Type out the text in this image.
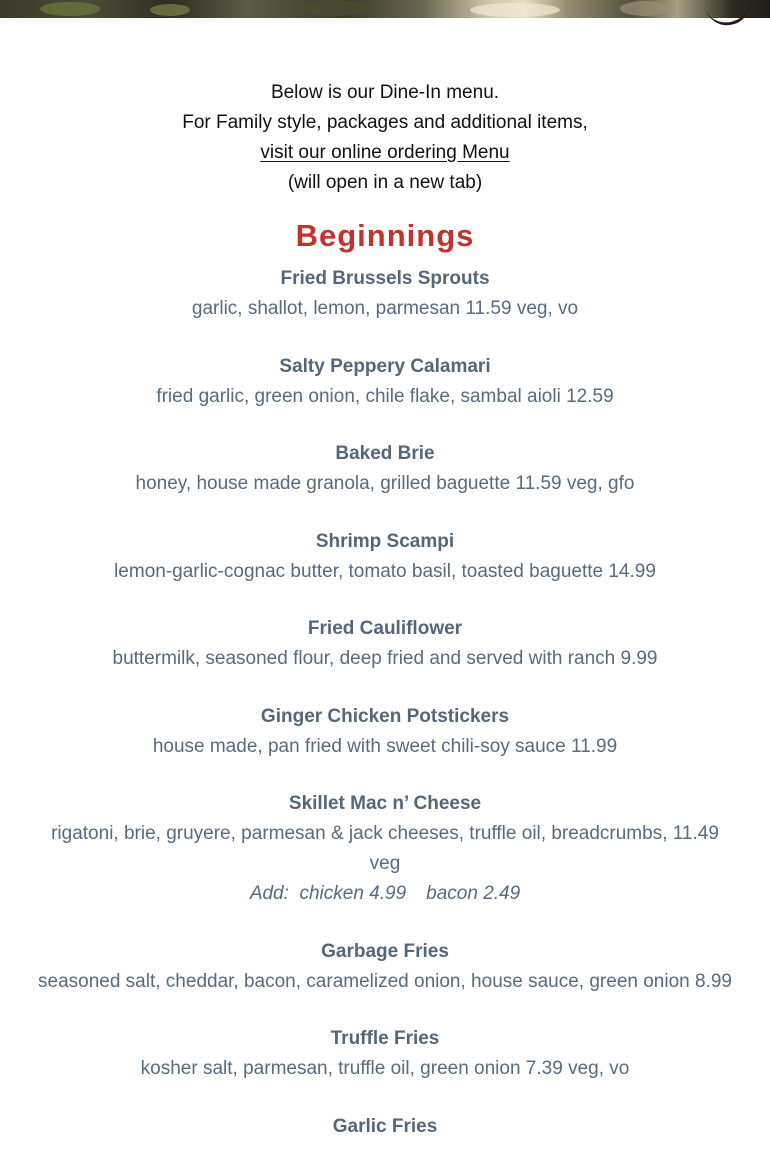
Below is our Dine-In menu.
For Family style, packages and additional items,
visit our online ordering Menu
(will open in a new tab)
Beginnings
Fried Brussels Sprouts
garlic, shallot, lemon, parmesan 11.59 veg, vo
Salty Peppery Calamari
fried garlic, green onion, chile flake, sambal aioli 12.59
Baked Brie
honey, house made granola, grilled baguette 11.59 veg, gfo
Shrimp Scampi
lemon-garlic-cognac butter, tomato basil, toasted baguette 14.99
Fried Cauliflower
buttermilk, seasoned flour, deep fried and served with ranch 9.99
Ginger Chicken Potstickers
house made, pan fried with sweet chili-soy sauce 11.99
Skillet Mac n’ Cheese
rigatoni, brie, gruyere, parmesan & jack cheeses, truffle oil, breadcrumbs, 11.49 veg
Add: chicken 4.99 bacon 2.49
Garbage Fries
seasoned salt, cheddar, bacon, caramelized onion, house sauce, green onion 8.99
Truffle Fries
kosher salt, parmesan, truffle oil, green onion 7.39 veg, vo
Garlic Fries
